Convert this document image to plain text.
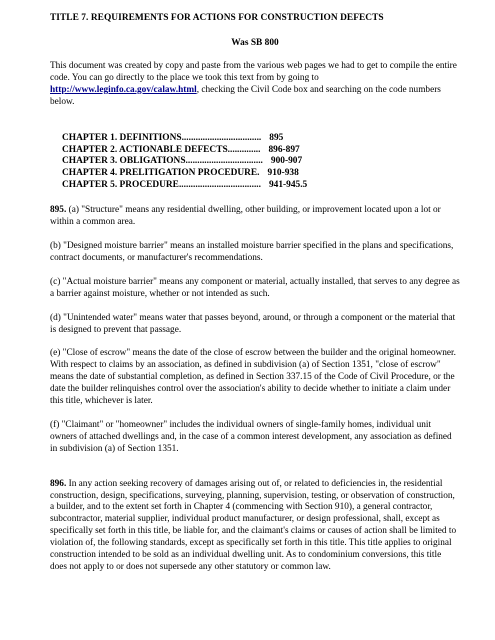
TITLE 7. REQUIREMENTS FOR ACTIONS FOR CONSTRUCTION DEFECTS

Was SB 800

This document was created by copy and paste from the various web pages we had to get to compile the entire code. You can go directly to the place we took this text from by going to http://www.leginfo.ca.gov/calaw.html, checking the Civil Code box and searching on the code numbers below.

CHAPTER 1. DEFINITIONS .................................. 895
CHAPTER 2. ACTIONABLE DEFECTS .............. 896-897
CHAPTER 3. OBLIGATIONS ................................. 900-907
CHAPTER 4. PRELITIGATION PROCEDURE . 910-938
CHAPTER 5. PROCEDURE ................................... 941-945.5

895. (a) "Structure" means any residential dwelling, other building, or improvement located upon a lot or within a common area.

(b) "Designed moisture barrier" means an installed moisture barrier specified in the plans and specifications, contract documents, or manufacturer's recommendations.

(c) "Actual moisture barrier" means any component or material, actually installed, that serves to any degree as a barrier against moisture, whether or not intended as such.

(d) "Unintended water" means water that passes beyond, around, or through a component or the material that is designed to prevent that passage.

(e) "Close of escrow" means the date of the close of escrow between the builder and the original homeowner. With respect to claims by an association, as defined in subdivision (a) of Section 1351, "close of escrow" means the date of substantial completion, as defined in Section 337.15 of the Code of Civil Procedure, or the date the builder relinquishes control over the association's ability to decide whether to initiate a claim under this title, whichever is later.

(f) "Claimant" or "homeowner" includes the individual owners of single-family homes, individual unit owners of attached dwellings and, in the case of a common interest development, any association as defined in subdivision (a) of Section 1351.

896. In any action seeking recovery of damages arising out of, or related to deficiencies in, the residential construction, design, specifications, surveying, planning, supervision, testing, or observation of construction, a builder, and to the extent set forth in Chapter 4 (commencing with Section 910), a general contractor, subcontractor, material supplier, individual product manufacturer, or design professional, shall, except as specifically set forth in this title, be liable for, and the claimant's claims or causes of action shall be limited to violation of, the following standards, except as specifically set forth in this title. This title applies to original construction intended to be sold as an individual dwelling unit. As to condominium conversions, this title does not apply to or does not supersede any other statutory or common law.
